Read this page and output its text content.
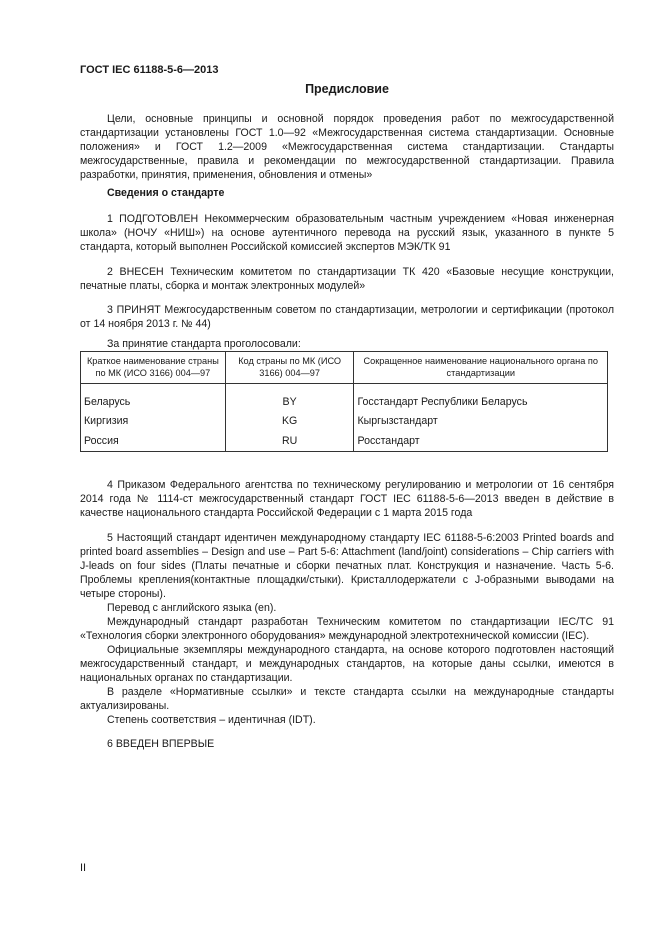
ГОСТ IEC 61188-5-6—2013
Предисловие

Цели, основные принципы и основной порядок проведения работ по межгосударственной стандартизации установлены ГОСТ 1.0—92 «Межгосударственная система стандартизации. Основные положения» и ГОСТ 1.2—2009 «Межгосударственная система стандартизации. Стандарты межгосударственные, правила и рекомендации по межгосударственной стандартизации. Правила разработки, принятия, применения, обновления и отмены»

Сведения о стандарте

1 ПОДГОТОВЛЕН Некоммерческим образовательным частным учреждением «Новая инженерная школа» (НОЧУ «НИШ») на основе аутентичного перевода на русский язык, указанного в пункте 5 стандарта, который выполнен Российской комиссией экспертов МЭК/ТК 91

2 ВНЕСЕН Техническим комитетом по стандартизации ТК 420 «Базовые несущие конструкции, печатные платы, сборка и монтаж электронных модулей»

3 ПРИНЯТ Межгосударственным советом по стандартизации, метрологии и сертификации (протокол от 14 ноября 2013 г. № 44)

За принятие стандарта проголосовали:

Краткое наименование страны по МК (ИСО 3166) 004—97	Код страны по МК (ИСО 3166) 004—97	Сокращенное наименование национального органа по стандартизации

Беларусь	BY	Госстандарт Республики Беларусь
Киргизия	KG	Кыргызстандарт
Россия	RU	Росстандарт

4 Приказом Федерального агентства по техническому регулированию и метрологии от 16 сентября 2014 года № 1114-ст межгосударственный стандарт ГОСТ IEC 61188-5-6—2013 введен в действие в качестве национального стандарта Российской Федерации с 1 марта 2015 года

5 Настоящий стандарт идентичен международному стандарту IEC 61188-5-6:2003 Printed boards and printed board assemblies – Design and use – Part 5-6: Attachment (land/joint) considerations – Chip carriers with J-leads on four sides (Платы печатные и сборки печатных плат. Конструкция и назначение. Часть 5-6. Проблемы крепления(контактные площадки/стыки). Кристаллодержатели с J-образными выводами на четыре стороны).

Перевод с английского языка (en).

Международный стандарт разработан Техническим комитетом по стандартизации IEC/TC 91 «Технология сборки электронного оборудования» международной электротехнической комиссии (IEC).

Официальные экземпляры международного стандарта, на основе которого подготовлен настоящий межгосударственный стандарт, и международных стандартов, на которые даны ссылки, имеются в национальных органах по стандартизации.

В разделе «Нормативные ссылки» и тексте стандарта ссылки на международные стандарты актуализированы.

Степень соответствия – идентичная (IDT).

6 ВВЕДЕН ВПЕРВЫЕ

II
